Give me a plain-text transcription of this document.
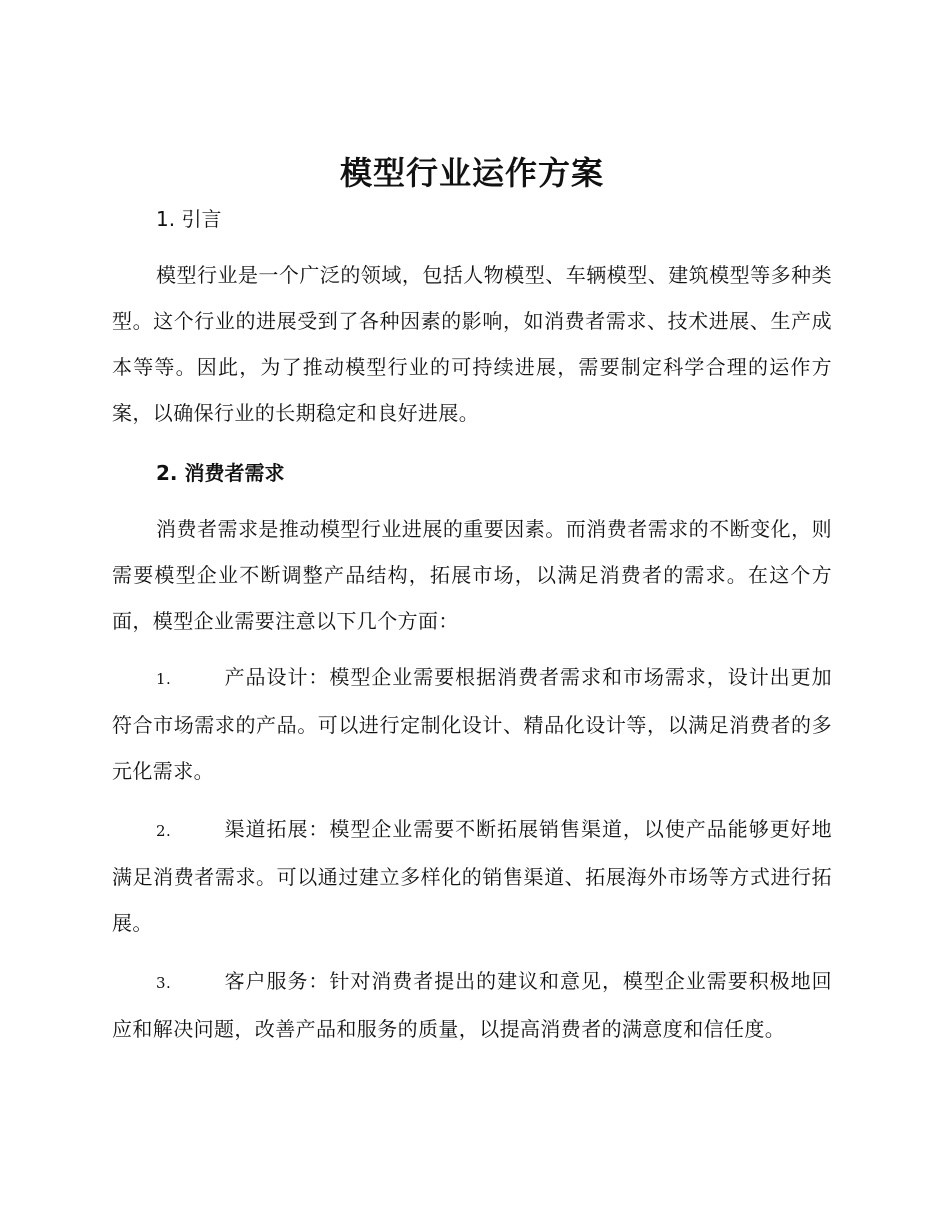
模型行业运作方案
1. 引言

模型行业是一个广泛的领域，包括人物模型、车辆模型、建筑模型等多种类型。这个行业的进展受到了各种因素的影响，如消费者需求、技术进展、生产成本等等。因此，为了推动模型行业的可持续进展，需要制定科学合理的运作方案，以确保行业的长期稳定和良好进展。

2. 消费者需求

消费者需求是推动模型行业进展的重要因素。而消费者需求的不断变化，则需要模型企业不断调整产品结构，拓展市场，以满足消费者的需求。在这个方面，模型企业需要注意以下几个方面：

1.	产品设计：模型企业需要根据消费者需求和市场需求，设计出更加符合市场需求的产品。可以进行定制化设计、精品化设计等，以满足消费者的多元化需求。
2.	渠道拓展：模型企业需要不断拓展销售渠道，以使产品能够更好地满足消费者需求。可以通过建立多样化的销售渠道、拓展海外市场等方式进行拓展。
3.	客户服务：针对消费者提出的建议和意见，模型企业需要积极地回应和解决问题，改善产品和服务的质量，以提高消费者的满意度和信任度。
